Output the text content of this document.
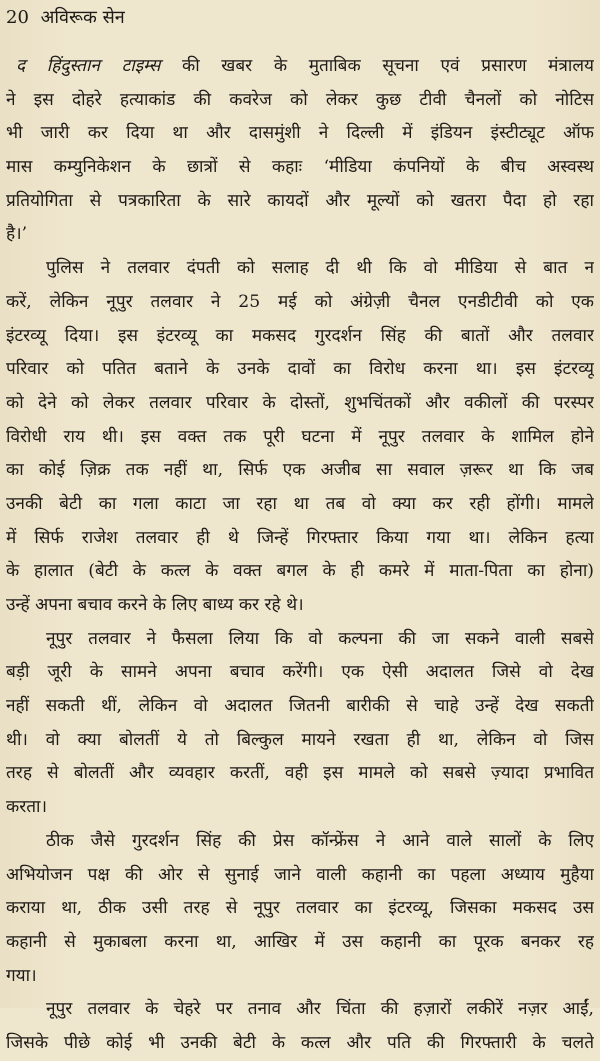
20 अविरूक सेन
द हिंदुस्तान टाइम्स की खबर के मुताबिक सूचना एवं प्रसारण मंत्रालय
ने इस दोहरे हत्याकांड की कवरेज को लेकर कुछ टीवी चैनलों को नोटिस
भी जारी कर दिया था और दासमुंशी ने दिल्ली में इंडियन इंस्टीट्यूट ऑफ
मास कम्युनिकेशन के छात्रों से कहाः ‘मीडिया कंपनियों के बीच अस्वस्थ
प्रतियोगिता से पत्रकारिता के सारे कायदों और मूल्यों को खतरा पैदा हो रहा
है।’
पुलिस ने तलवार दंपती को सलाह दी थी कि वो मीडिया से बात न
करें, लेकिन नूपुर तलवार ने 25 मई को अंग्रेज़ी चैनल एनडीटीवी को एक
इंटरव्यू दिया। इस इंटरव्यू का मकसद गुरदर्शन सिंह की बातों और तलवार
परिवार को पतित बताने के उनके दावों का विरोध करना था। इस इंटरव्यू
को देने को लेकर तलवार परिवार के दोस्तों, शुभचिंतकों और वकीलों की परस्पर
विरोधी राय थी। इस वक्त तक पूरी घटना में नूपुर तलवार के शामिल होने
का कोई ज़िक्र तक नहीं था, सिर्फ एक अजीब सा सवाल ज़रूर था कि जब
उनकी बेटी का गला काटा जा रहा था तब वो क्या कर रही होंगी। मामले
में सिर्फ राजेश तलवार ही थे जिन्हें गिरफ्तार किया गया था। लेकिन हत्या
के हालात (बेटी के कत्ल के वक्त बगल के ही कमरे में माता-पिता का होना)
उन्हें अपना बचाव करने के लिए बाध्य कर रहे थे।
नूपुर तलवार ने फैसला लिया कि वो कल्पना की जा सकने वाली सबसे
बड़ी जूरी के सामने अपना बचाव करेंगी। एक ऐसी अदालत जिसे वो देख
नहीं सकती थीं, लेकिन वो अदालत जितनी बारीकी से चाहे उन्हें देख सकती
थी। वो क्या बोलतीं ये तो बिल्कुल मायने रखता ही था, लेकिन वो जिस
तरह से बोलतीं और व्यवहार करतीं, वही इस मामले को सबसे ज़्यादा प्रभावित
करता।
ठीक जैसे गुरदर्शन सिंह की प्रेस कॉन्फ्रेंस ने आने वाले सालों के लिए
अभियोजन पक्ष की ओर से सुनाई जाने वाली कहानी का पहला अध्याय मुहैया
कराया था, ठीक उसी तरह से नूपुर तलवार का इंटरव्यू, जिसका मकसद उस
कहानी से मुकाबला करना था, आखिर में उस कहानी का पूरक बनकर रह
गया।
नूपुर तलवार के चेहरे पर तनाव और चिंता की हज़ारों लकीरें नज़र आईं,
जिसके पीछे कोई भी उनकी बेटी के कत्ल और पति की गिरफ्तारी के चलते
